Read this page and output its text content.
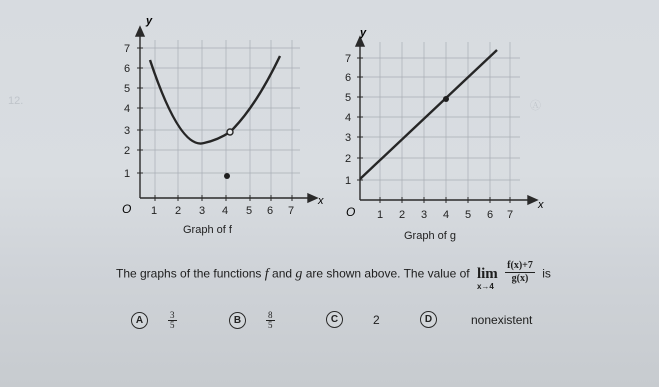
12.	Ⓐ
y
x
O 1 2 3 4 5 6 7
1
2
3
4
5
6
7
y
x
O 1 2 3 4 5 6 7
1
2
3
4
5
6
7
Graph of f	Graph of g
The graphs of the functions f and g are shown above. The value of lim
x→4

$\frac{f(x)+7}{g(x)}$ is
A	$\frac{3}{5}$	B	$\frac{8}{5}$	C	2	D	nonexistent
